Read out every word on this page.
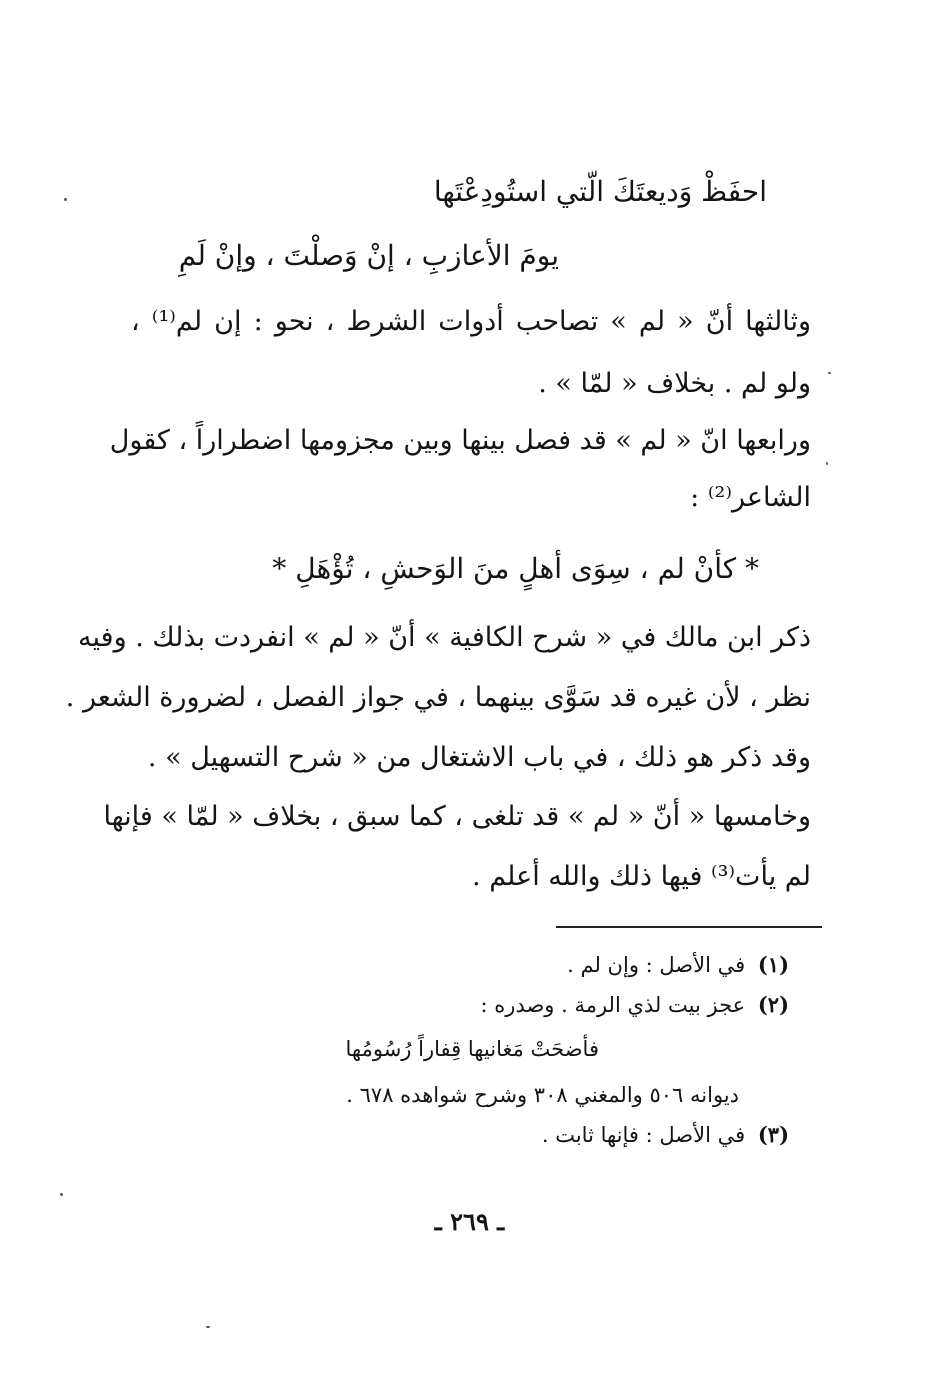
احفَظْ وَديعتَكَ الّتي استُودِعْتَها
يومَ الأعازبِ ، إنْ وَصلْتَ ، وإنْ لَمِ
وثالثها أنّ « لم » تصاحب أدوات الشرط ، نحو : إن لم⁽¹⁾ ،
ولو لم . بخلاف « لمّا » .
ورابعها انّ « لم » قد فصل بينها وبين مجزومها اضطراراً ، كقول
الشاعر⁽²⁾ :
* كأنْ لم ، سِوَى أهلٍ منَ الوَحشِ ، تُؤْهَلِ *
ذكر ابن مالك في « شرح الكافية » أنّ « لم » انفردت بذلك . وفيه
نظر ، لأن غيره قد سَوَّى بينهما ، في جواز الفصل ، لضرورة الشعر .
وقد ذكر هو ذلك ، في باب الاشتغال من « شرح التسهيل » .
وخامسها « أنّ « لم » قد تلغى ، كما سبق ، بخلاف « لمّا » فإنها
لم يأت⁽³⁾ فيها ذلك والله أعلم .
(١) في الأصل : وإن لم .
(٢) عجز بيت لذي الرمة . وصدره :
فأضحَتْ مَغانيها قِفاراً رُسُومُها
ديوانه ٥٠٦ والمغني ٣٠٨ وشرح شواهده ٦٧٨ .
(٣) في الأصل : فإنها ثابت .
ـ ٢٦٩ ـ
